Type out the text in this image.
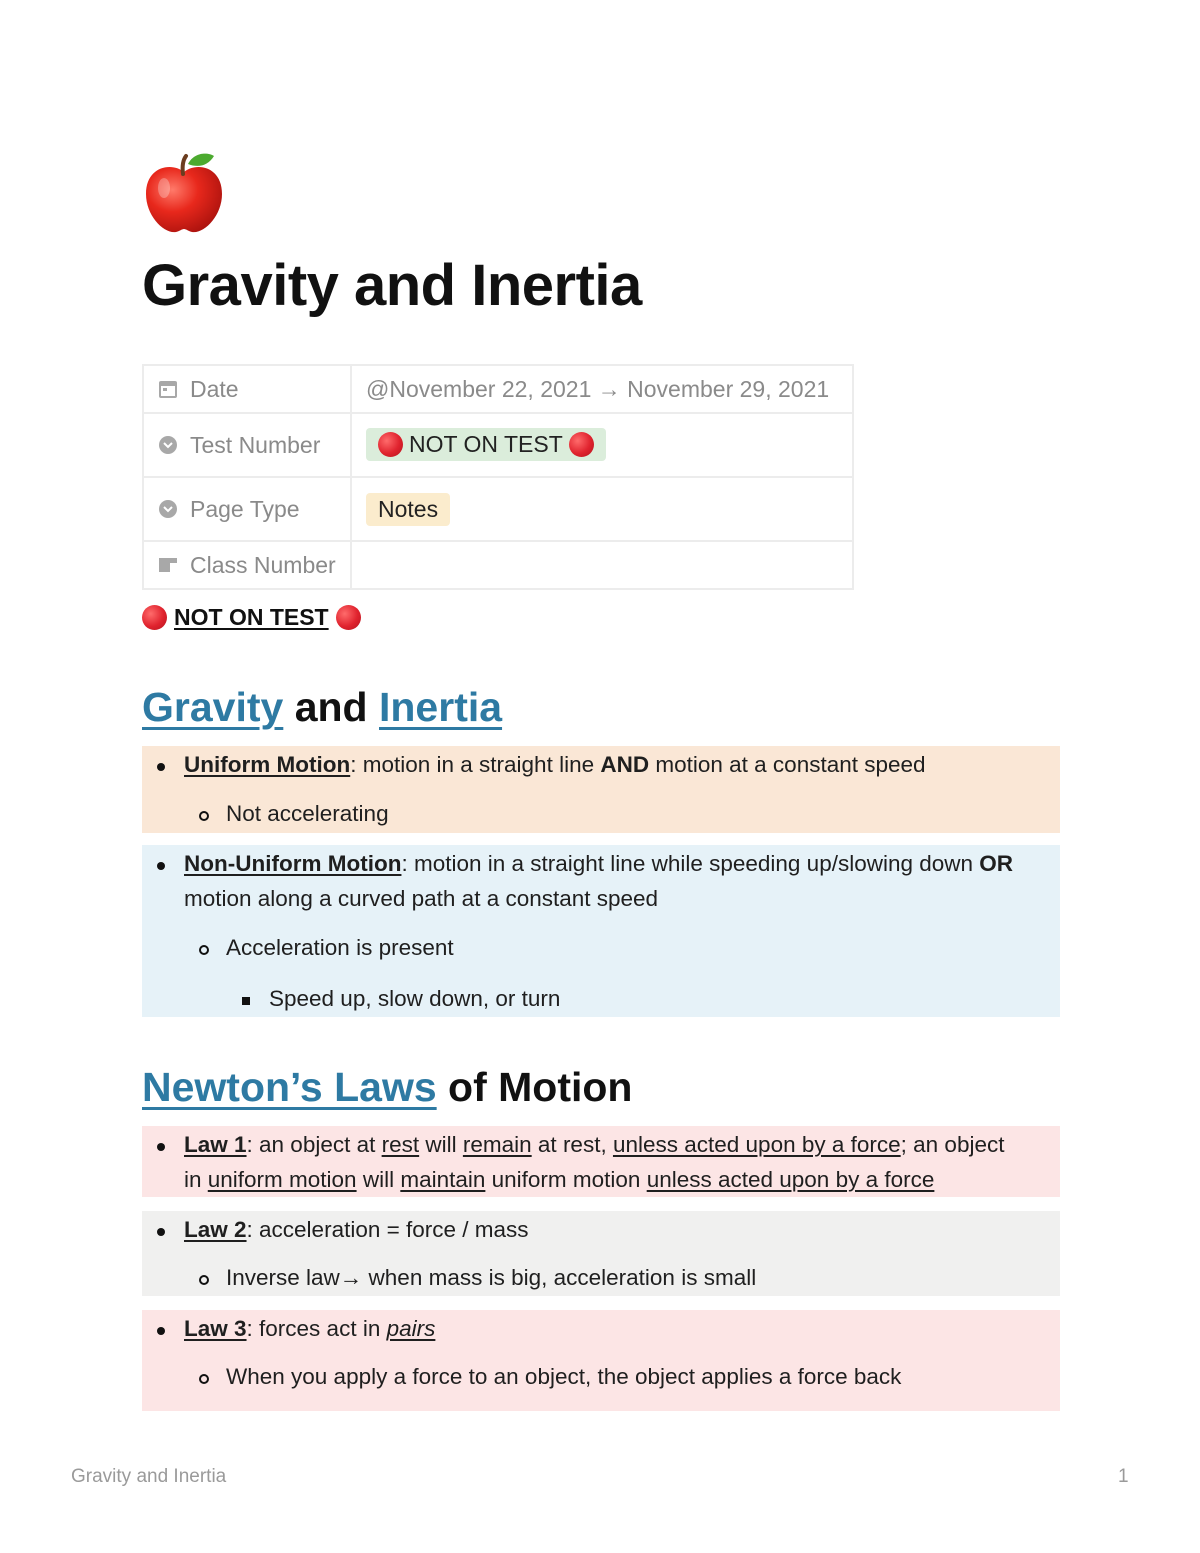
Gravity and Inertia
Date	@November 22, 2021 → November 29, 2021

Test Number	NOT ON TEST

Page Type	Notes

Class Number	

NOT ON TEST
Gravity and Inertia
Uniform Motion: motion in a straight line AND motion at a constant speed
Not accelerating
Non-Uniform Motion: motion in a straight line while speeding up/slowing down OR
motion along a curved path at a constant speed
Acceleration is present
Speed up, slow down, or turn
Newton’s Laws of Motion
Law 1: an object at rest will remain at rest, unless acted upon by a force; an object
in uniform motion will maintain uniform motion unless acted upon by a force
Law 2: acceleration = force / mass
Inverse law→ when mass is big, acceleration is small
Law 3: forces act in pairs
When you apply a force to an object, the object applies a force back
Gravity and Inertia	1
